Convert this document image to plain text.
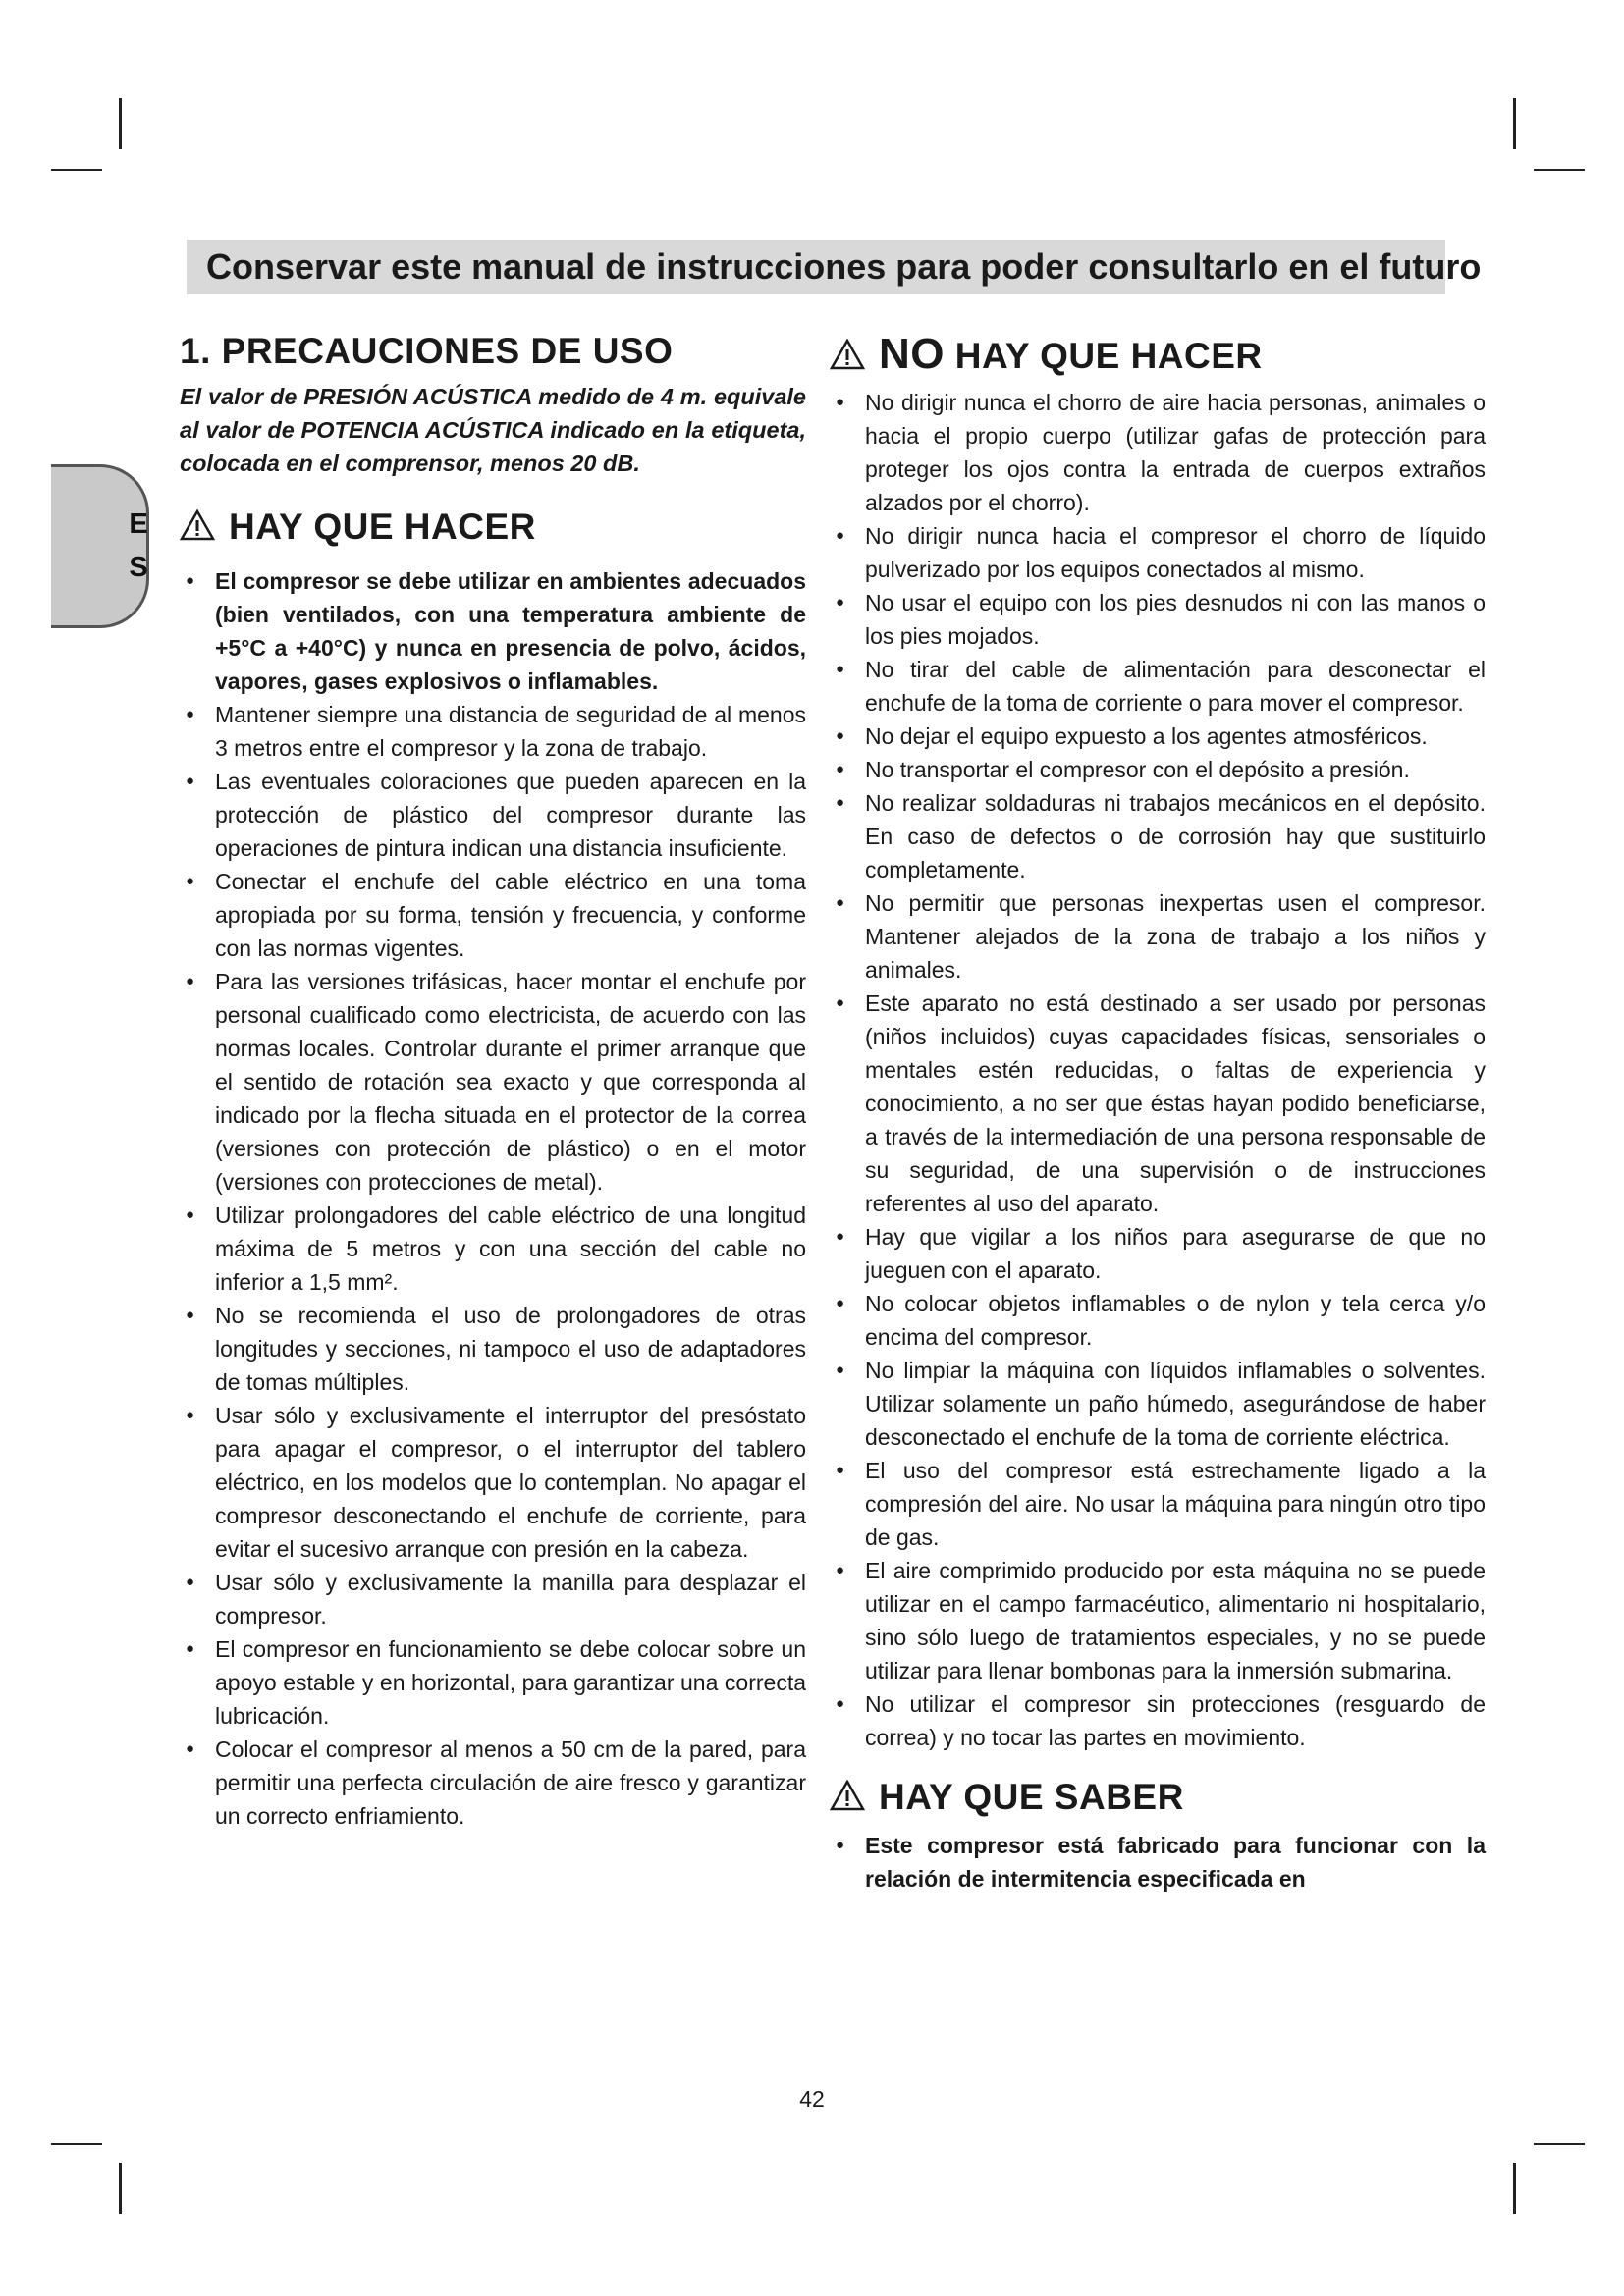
Conservar este manual de instrucciones para poder consultarlo en el futuro
E
S
1. PRECAUCIONES DE USO

El valor de PRESIÓN ACÚSTICA medido de 4 m. equivale al valor de POTENCIA ACÚSTICA indicado en la etiqueta, colocada en el comprensor, menos 20 dB.

HAY QUE HACER
● El compresor se debe utilizar en ambientes adecuados (bien ventilados, con una temperatura ambiente de +5°C a +40°C) y nunca en presencia de polvo, ácidos, vapores, gases explosivos o inflamables.
● Mantener siempre una distancia de seguridad de al menos 3 metros entre el compresor y la zona de trabajo.
● Las eventuales coloraciones que pueden aparecen en la protección de plástico del compresor durante las operaciones de pintura indican una distancia insuficiente.
● Conectar el enchufe del cable eléctrico en una toma apropiada por su forma, tensión y frecuencia, y conforme con las normas vigentes.
● Para las versiones trifásicas, hacer montar el enchufe por personal cualificado como electricista, de acuerdo con las normas locales. Controlar durante el primer arranque que el sentido de rotación sea exacto y que corresponda al indicado por la flecha situada en el protector de la correa (versiones con protección de plástico) o en el motor (versiones con protecciones de metal).
● Utilizar prolongadores del cable eléctrico de una longitud máxima de 5 metros y con una sección del cable no inferior a 1,5 mm².
● No se recomienda el uso de prolongadores de otras longitudes y secciones, ni tampoco el uso de adaptadores de tomas múltiples.
● Usar sólo y exclusivamente el interruptor del presóstato para apagar el compresor, o el interruptor del tablero eléctrico, en los modelos que lo contemplan. No apagar el compresor desconectando el enchufe de corriente, para evitar el sucesivo arranque con presión en la cabeza.
● Usar sólo y exclusivamente la manilla para desplazar el compresor.
● El compresor en funcionamiento se debe colocar sobre un apoyo estable y en horizontal, para garantizar una correcta lubricación.
● Colocar el compresor al menos a 50 cm de la pared, para permitir una perfecta circulación de aire fresco y garantizar un correcto enfriamiento.
NO HAY QUE HACER
● No dirigir nunca el chorro de aire hacia personas, animales o hacia el propio cuerpo (utilizar gafas de protección para proteger los ojos contra la entrada de cuerpos extraños alzados por el chorro).
● No dirigir nunca hacia el compresor el chorro de líquido pulverizado por los equipos conectados al mismo.
● No usar el equipo con los pies desnudos ni con las manos o los pies mojados.
● No tirar del cable de alimentación para desconectar el enchufe de la toma de corriente o para mover el compresor.
● No dejar el equipo expuesto a los agentes atmosféricos.
● No transportar el compresor con el depósito a presión.
● No realizar soldaduras ni trabajos mecánicos en el depósito. En caso de defectos o de corrosión hay que sustituirlo completamente.
● No permitir que personas inexpertas usen el compresor. Mantener alejados de la zona de trabajo a los niños y animales.
● Este aparato no está destinado a ser usado por personas (niños incluidos) cuyas capacidades físicas, sensoriales o mentales estén reducidas, o faltas de experiencia y conocimiento, a no ser que éstas hayan podido beneficiarse, a través de la intermediación de una persona responsable de su seguridad, de una supervisión o de instrucciones referentes al uso del aparato.
● Hay que vigilar a los niños para asegurarse de que no jueguen con el aparato.
● No colocar objetos inflamables o de nylon y tela cerca y/o encima del compresor.
● No limpiar la máquina con líquidos inflamables o solventes. Utilizar solamente un paño húmedo, asegurándose de haber desconectado el enchufe de la toma de corriente eléctrica.
● El uso del compresor está estrechamente ligado a la compresión del aire. No usar la máquina para ningún otro tipo de gas.
● El aire comprimido producido por esta máquina no se puede utilizar en el campo farmacéutico, alimentario ni hospitalario, sino sólo luego de tratamientos especiales, y no se puede utilizar para llenar bombonas para la inmersión submarina.
● No utilizar el compresor sin protecciones (resguardo de correa) y no tocar las partes en movimiento.
HAY QUE SABER
● Este compresor está fabricado para funcionar con la relación de intermitencia especificada en
42
